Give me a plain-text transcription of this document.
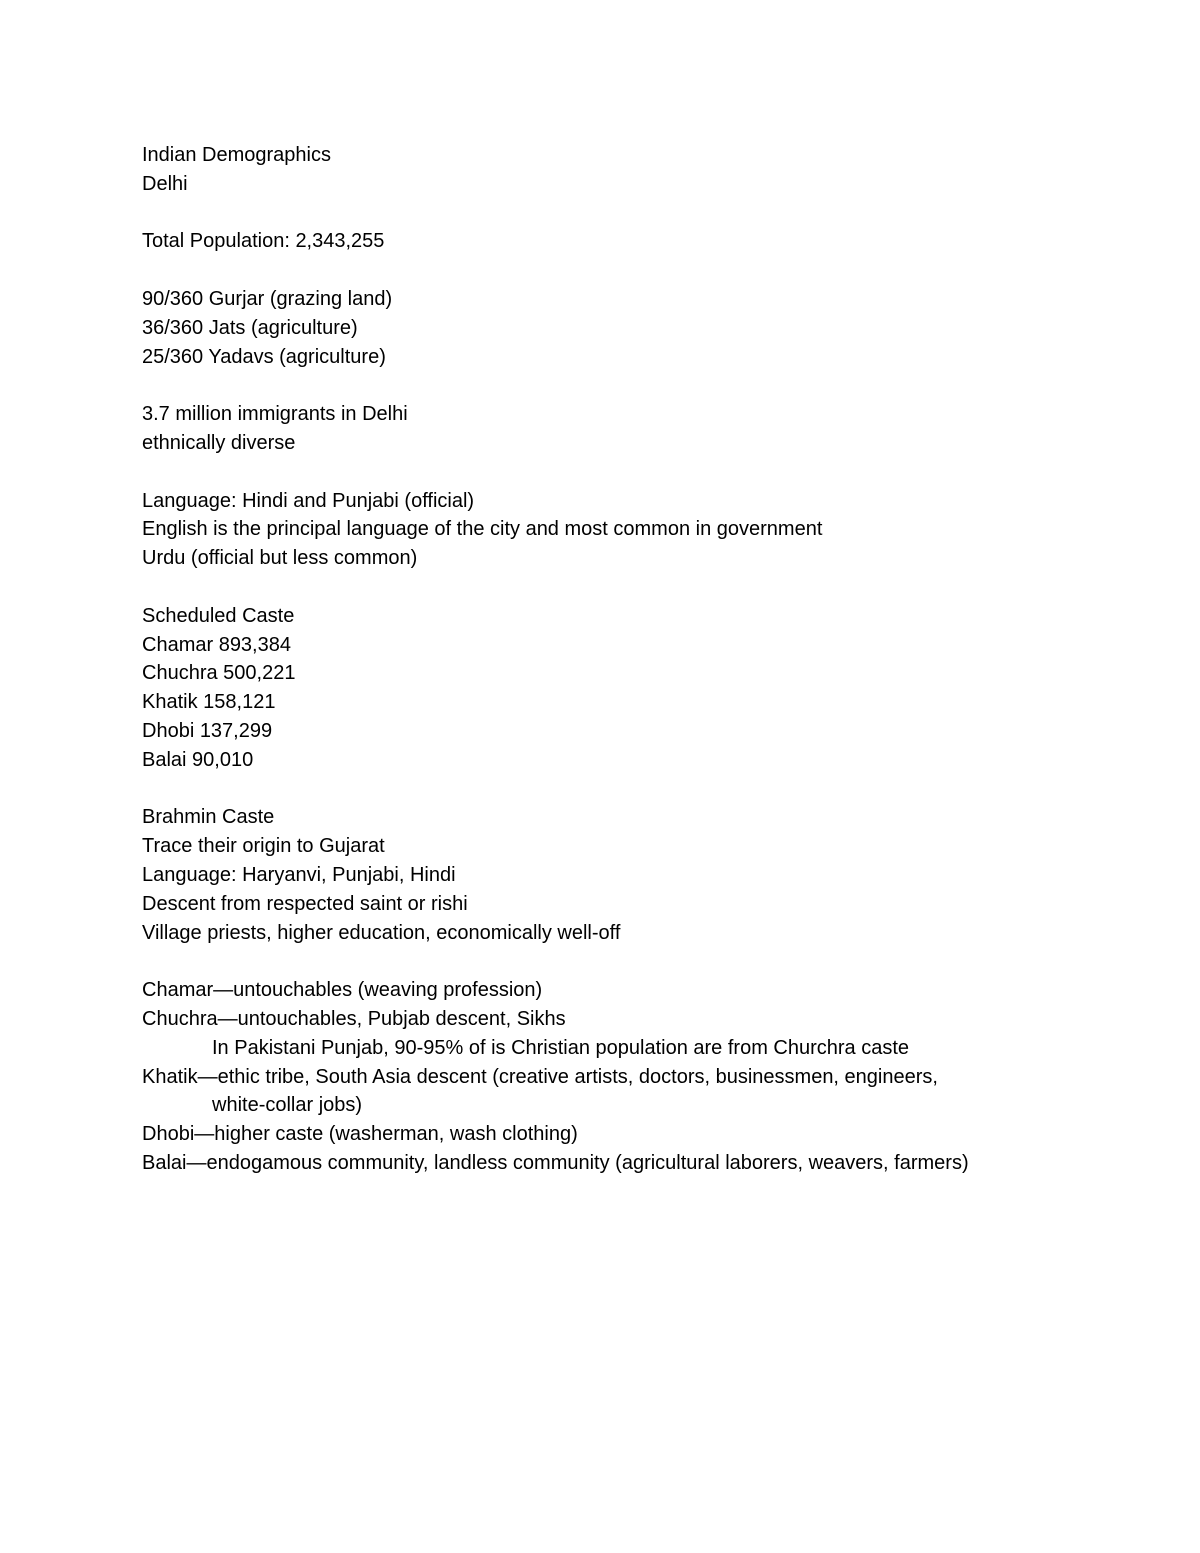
Indian Demographics
Delhi
Total Population: 2,343,255
90/360 Gurjar (grazing land)
36/360 Jats (agriculture)
25/360 Yadavs (agriculture)
3.7 million immigrants in Delhi
ethnically diverse
Language: Hindi and Punjabi (official)
English is the principal language of the city and most common in government
Urdu (official but less common)
Scheduled Caste
Chamar 893,384
Chuchra 500,221
Khatik 158,121
Dhobi 137,299
Balai 90,010
Brahmin Caste
Trace their origin to Gujarat
Language: Haryanvi, Punjabi, Hindi
Descent from respected saint or rishi
Village priests, higher education, economically well-off
Chamar—untouchables (weaving profession)
Chuchra—untouchables, Pubjab descent, Sikhs
In Pakistani Punjab, 90-95% of is Christian population are from Churchra caste
Khatik—ethic tribe, South Asia descent (creative artists, doctors, businessmen, engineers,
white-collar jobs)
Dhobi—higher caste (washerman, wash clothing)
Balai—endogamous community, landless community (agricultural laborers, weavers, farmers)
